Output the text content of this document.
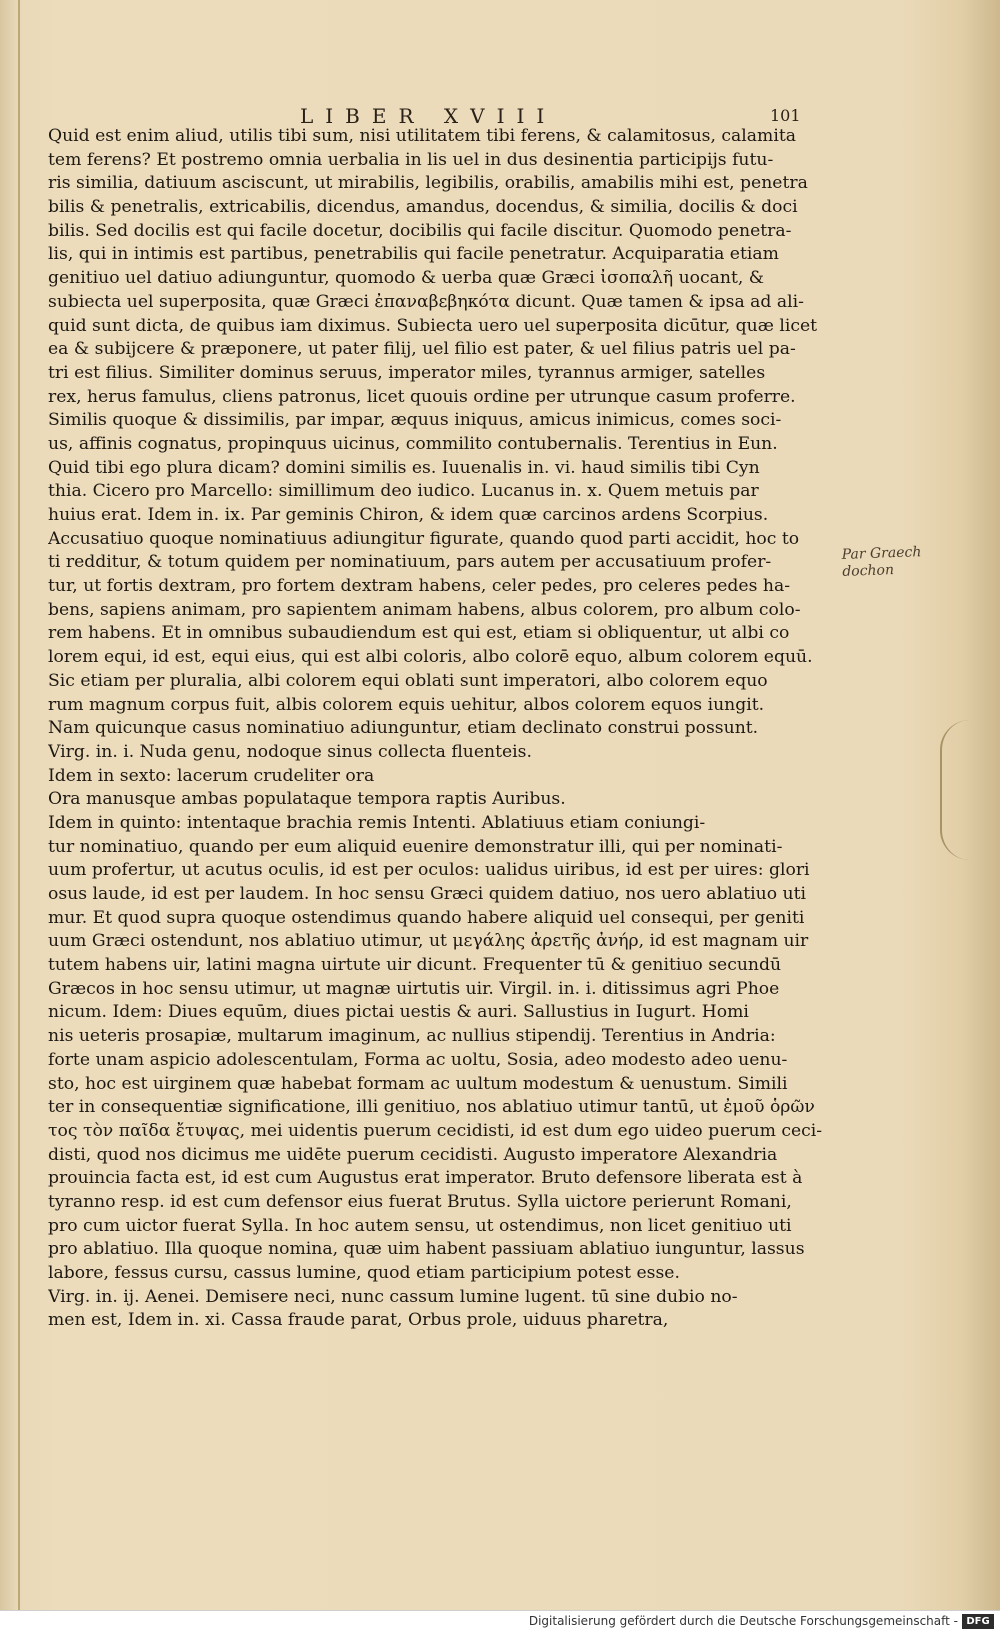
LIBER XVIII	101
Quid est enim aliud, utilis tibi sum, nisi utilitatem tibi ferens, & calamitosus, calamita
tem ferens? Et postremo omnia uerbalia in lis uel in dus desinentia participijs futu-
ris similia, datiuum asciscunt, ut mirabilis, legibilis, orabilis, amabilis mihi est, penetra
bilis & penetralis, extricabilis, dicendus, amandus, docendus, & similia, docilis & doci
bilis. Sed docilis est qui facile docetur, docibilis qui facile discitur. Quomodo penetra-
lis, qui in intimis est partibus, penetrabilis qui facile penetratur. Acquiparatia etiam
genitiuo uel datiuo adiunguntur, quomodo & uerba quæ Græci ἰσοπαλῆ uocant, &
subiecta uel superposita, quæ Græci ἐπαναβεβηκότα dicunt. Quæ tamen & ipsa ad ali-
quid sunt dicta, de quibus iam diximus. Subiecta uero uel superposita dicūtur, quæ licet
ea & subijcere & præponere, ut pater filij, uel filio est pater, & uel filius patris uel pa-
tri est filius. Similiter dominus seruus, imperator miles, tyrannus armiger, satelles
rex, herus famulus, cliens patronus, licet quouis ordine per utrunque casum proferre.
Similis quoque & dissimilis, par impar, æquus iniquus, amicus inimicus, comes soci-
us, affinis cognatus, propinquus uicinus, commilito contubernalis. Terentius in Eun.
Quid tibi ego plura dicam? domini similis es. Iuuenalis in. vi. haud similis tibi Cyn
thia. Cicero pro Marcello: simillimum deo iudico. Lucanus in. x. Quem metuis par
huius erat. Idem in. ix. Par geminis Chiron, & idem quæ carcinos ardens Scorpius.
Accusatiuo quoque nominatiuus adiungitur figurate, quando quod parti accidit, hoc to
ti redditur, & totum quidem per nominatiuum, pars autem per accusatiuum profer-
tur, ut fortis dextram, pro fortem dextram habens, celer pedes, pro celeres pedes ha-
bens, sapiens animam, pro sapientem animam habens, albus colorem, pro album colo-
rem habens. Et in omnibus subaudiendum est qui est, etiam si obliquentur, ut albi co
lorem equi, id est, equi eius, qui est albi coloris, albo colorē equo, album colorem equū.
Sic etiam per pluralia, albi colorem equi oblati sunt imperatori, albo colorem equo
rum magnum corpus fuit, albis colorem equis uehitur, albos colorem equos iungit.
Nam quicunque casus nominatiuo adiunguntur, etiam declinato construi possunt.
Virg. in. i. Nuda genu, nodoque sinus collecta fluenteis.
Idem in sexto: lacerum crudeliter ora
Ora manusque ambas populataque tempora raptis Auribus.
Idem in quinto: intentaque brachia remis Intenti. Ablatiuus etiam coniungi-
tur nominatiuo, quando per eum aliquid euenire demonstratur illi, qui per nominati-
uum profertur, ut acutus oculis, id est per oculos: ualidus uiribus, id est per uires: glori
osus laude, id est per laudem. In hoc sensu Græci quidem datiuo, nos uero ablatiuo uti
mur. Et quod supra quoque ostendimus quando habere aliquid uel consequi, per geniti
uum Græci ostendunt, nos ablatiuo utimur, ut μεγάλης ἀρετῆς ἀνήρ, id est magnam uir
tutem habens uir, latini magna uirtute uir dicunt. Frequenter tū & genitiuo secundū
Græcos in hoc sensu utimur, ut magnæ uirtutis uir. Virgil. in. i. ditissimus agri Phoe
nicum. Idem: Diues equūm, diues pictai uestis & auri. Sallustius in Iugurt. Homi
nis ueteris prosapiæ, multarum imaginum, ac nullius stipendij. Terentius in Andria:
forte unam aspicio adolescentulam, Forma ac uoltu, Sosia, adeo modesto adeo uenu-
sto, hoc est uirginem quæ habebat formam ac uultum modestum & uenustum. Simili
ter in consequentiæ significatione, illi genitiuo, nos ablatiuo utimur tantū, ut ἐμοῦ ὁρῶν
τος τὸν παῖδα ἔτυψας, mei uidentis puerum cecidisti, id est dum ego uideo puerum ceci-
disti, quod nos dicimus me uidēte puerum cecidisti. Augusto imperatore Alexandria
prouincia facta est, id est cum Augustus erat imperator. Bruto defensore liberata est à
tyranno resp. id est cum defensor eius fuerat Brutus. Sylla uictore perierunt Romani,
pro cum uictor fuerat Sylla. In hoc autem sensu, ut ostendimus, non licet genitiuo uti
pro ablatiuo. Illa quoque nomina, quæ uim habent passiuam ablatiuo iunguntur, lassus
labore, fessus cursu, cassus lumine, quod etiam participium potest esse.
Virg. in. ij. Aenei. Demisere neci, nunc cassum lumine lugent. tū sine dubio no-
men est, Idem in. xi. Cassa fraude parat, Orbus prole, uiduus pharetra,
Par Graech dochon
Digitalisierung gefördert durch die Deutsche Forschungsgemeinschaft - DFG
